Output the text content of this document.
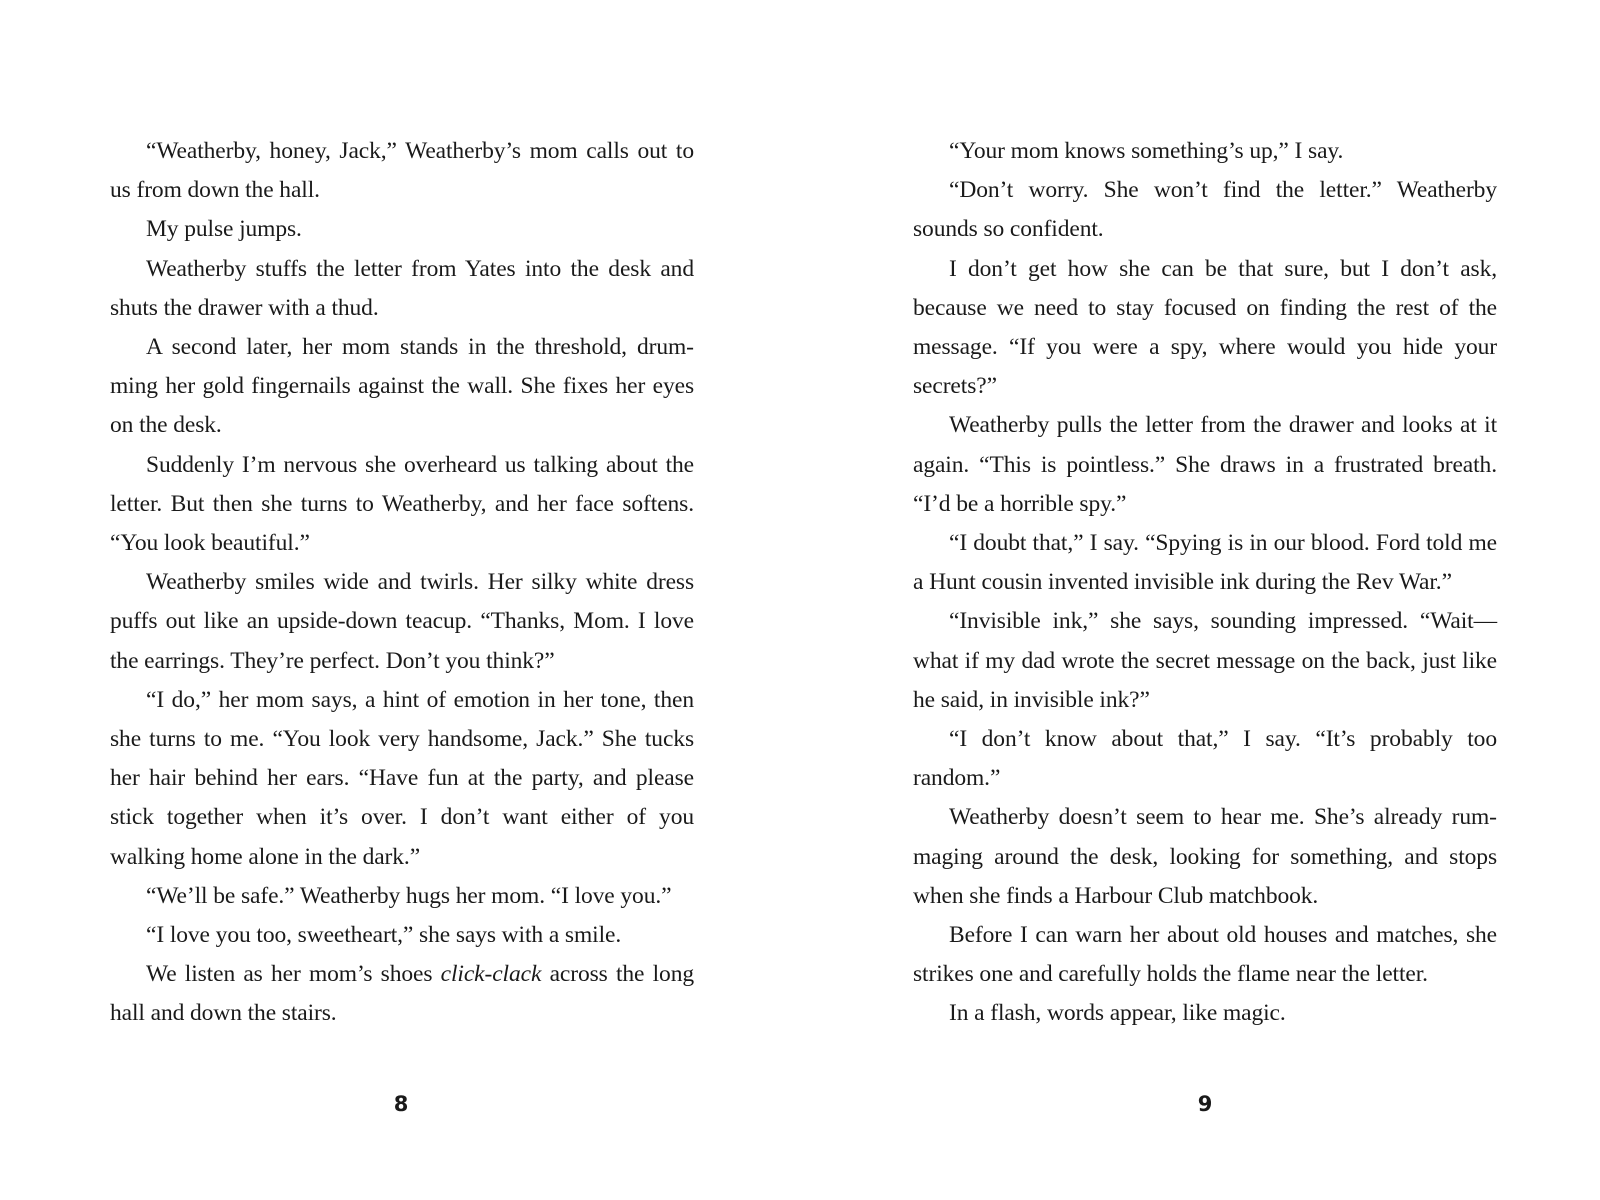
“Weatherby, honey, Jack,” Weatherby’s mom calls out to us from down the hall.

My pulse jumps.

Weatherby stuffs the letter from Yates into the desk and shuts the drawer with a thud.

A second later, her mom stands in the threshold, drumming her gold fingernails against the wall. She fixes her eyes on the desk.

Suddenly I’m nervous she overheard us talking about the letter. But then she turns to Weatherby, and her face softens. “You look beautiful.”

Weatherby smiles wide and twirls. Her silky white dress puffs out like an upside-down teacup. “Thanks, Mom. I love the earrings. They’re perfect. Don’t you think?”

“I do,” her mom says, a hint of emotion in her tone, then she turns to me. “You look very handsome, Jack.” She tucks her hair behind her ears. “Have fun at the party, and please stick together when it’s over. I don’t want either of you walking home alone in the dark.”

“We’ll be safe.” Weatherby hugs her mom. “I love you.”

“I love you too, sweetheart,” she says with a smile.

We listen as her mom’s shoes click-clack across the long hall and down the stairs.

“Your mom knows something’s up,” I say.

“Don’t worry. She won’t find the letter.” Weatherby sounds so confident.

I don’t get how she can be that sure, but I don’t ask, because we need to stay focused on finding the rest of the message. “If you were a spy, where would you hide your secrets?”

Weatherby pulls the letter from the drawer and looks at it again. “This is pointless.” She draws in a frustrated breath. “I’d be a horrible spy.”

“I doubt that,” I say. “Spying is in our blood. Ford told me a Hunt cousin invented invisible ink during the Rev War.”

“Invisible ink,” she says, sounding impressed. “Wait—what if my dad wrote the secret message on the back, just like he said, in invisible ink?”

“I don’t know about that,” I say. “It’s probably too random.”

Weatherby doesn’t seem to hear me. She’s already rummaging around the desk, looking for something, and stops when she finds a Harbour Club matchbook.

Before I can warn her about old houses and matches, she strikes one and carefully holds the flame near the letter.

In a flash, words appear, like magic.

8	9
